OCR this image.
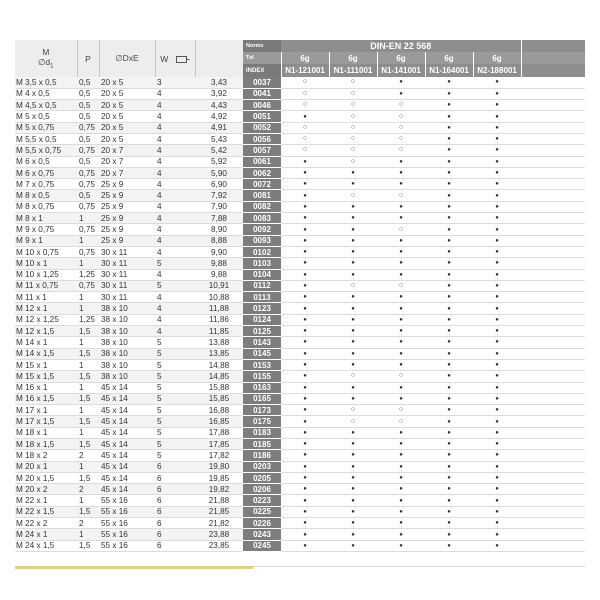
M
$\emptyset d_1$	P	∅DxE	W		Norms	DIN-EN 22 568					
					Tol	6g	6g	6g	6g	6g	
					INDEX	N1-121001	N1-111001	N1-141001	N1-164001	N2-188001	
M 3,5 x 0,5	0,5	20 x 5	3	3,43	0037	○	○	●	●	●	
M 4 x 0,5	0,5	20 x 5	4	3,92	0041	○	○	●	●	●	
M 4,5 x 0,5	0,5	20 x 5	4	4,43	0046	○	○	○	●	●	
M 5 x 0,5	0,5	20 x 5	4	4,92	0051	●	○	○	●	●	
M 5 x 0,75	0,75	20 x 5	4	4,91	0052	○	○	○	●	●	
M 5,5 x 0,5	0,5	20 x 5	4	5,43	0056	○	○	○	●	●	
M 5,5 x 0,75	0,75	20 x 7	4	5,42	0057	○	○	○	●	●	
M 6 x 0,5	0,5	20 x 7	4	5,92	0061	●	○	●	●	●	
M 6 x 0,75	0,75	20 x 7	4	5,90	0062	●	●	●	●	●	
M 7 x 0,75	0,75	25 x 9	4	6,90	0072	●	●	●	●	●	
M 8 x 0,5	0,5	25 x 9	4	7,92	0081	●	○	○	●	●	
M 8 x 0,75	0,75	25 x 9	4	7,90	0082	●	●	●	●	●	
M 8 x 1	1	25 x 9	4	7,88	0083	●	●	●	●	●	
M 9 x 0,75	0,75	25 x 9	4	8,90	0092	●	●	○	●	●	
M 9 x 1	1	25 x 9	4	8,88	0093	●	●	●	●	●	
M 10 x 0,75	0,75	30 x 11	4	9,90	0102	●	●	●	●	●	
M 10 x 1	1	30 x 11	5	9,88	0103	●	●	●	●	●	
M 10 x 1,25	1,25	30 x 11	4	9,88	0104	●	●	●	●	●	
M 11 x 0,75	0,75	30 x 11	5	10,91	0112	●	○	○	●	●	
M 11 x 1	1	30 x 11	4	10,88	0113	●	●	●	●	●	
M 12 x 1	1	38 x 10	4	11,88	0123	●	●	●	●	●	
M 12 x 1,25	1,25	38 x 10	4	11,86	0124	●	●	●	●	●	
M 12 x 1,5	1,5	38 x 10	4	11,85	0125	●	●	●	●	●	
M 14 x 1	1	38 x 10	5	13,88	0143	●	●	●	●	●	
M 14 x 1,5	1,5	38 x 10	5	13,85	0145	●	●	●	●	●	
M 15 x 1	1	38 x 10	5	14,88	0153	●	●	●	●	●	
M 15 x 1,5	1,5	38 x 10	5	14,85	0155	●	○	○	●	●	
M 16 x 1	1	45 x 14	5	15,88	0163	●	●	●	●	●	
M 16 x 1,5	1,5	45 x 14	5	15,85	0165	●	●	●	●	●	
M 17 x 1	1	45 x 14	5	16,88	0173	●	○	○	●	●	
M 17 x 1,5	1,5	45 x 14	5	16,85	0175	●	○	○	●	●	
M 18 x 1	1	45 x 14	5	17,88	0183	●	●	●	●	●	
M 18 x 1,5	1,5	45 x 14	5	17,85	0185	●	●	●	●	●	
M 18 x 2	2	45 x 14	5	17,82	0186	●	●	●	●	●	
M 20 x 1	1	45 x 14	6	19,80	0203	●	●	●	●	●	
M 20 x 1,5	1,5	45 x 14	6	19,85	0205	●	●	●	●	●	
M 20 x 2	2	45 x 14	6	19,82	0206	●	●	●	●	●	
M 22 x 1	1	55 x 16	6	21,88	0223	●	●	●	●	●	
M 22 x 1,5	1,5	55 x 16	6	21,85	0225	●	●	●	●	●	
M 22 x 2	2	55 x 16	6	21,82	0226	●	●	●	●	●	
M 24 x 1	1	55 x 16	6	23,88	0243	●	●	●	●	●	
M 24 x 1,5	1,5	55 x 16	6	23,85	0245	●	●	●	●	●	
